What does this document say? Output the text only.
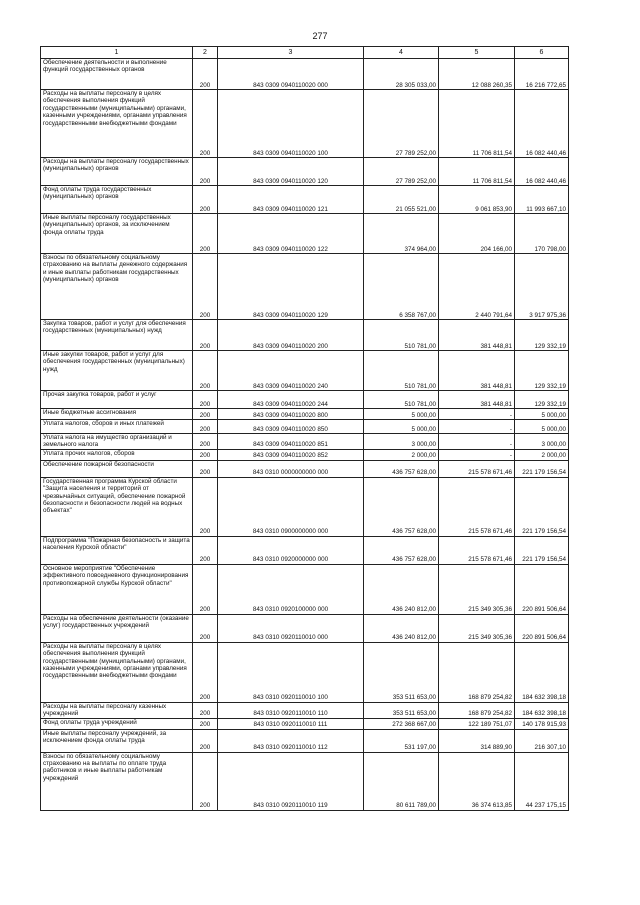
277
1	2	3	4	5	6
Обеспечение деятельности и выполнение функций государственных органов	200	843 0309 0940110020 000	28 305 033,00	12 088 260,35	16 216 772,65
Расходы на выплаты персоналу в целях обеспечения выполнения функций государственными (муниципальными) органами, казенными учреждениями, органами управления государственными внебюджетными фондами	200	843 0309 0940110020 100	27 789 252,00	11 706 811,54	16 082 440,46
Расходы на выплаты персоналу государственных (муниципальных) органов	200	843 0309 0940110020 120	27 789 252,00	11 706 811,54	16 082 440,46
Фонд оплаты труда государственных (муниципальных) органов	200	843 0309 0940110020 121	21 055 521,00	9 061 853,90	11 993 667,10
Иные выплаты персоналу государственных (муниципальных) органов, за исключением фонда оплаты труда	200	843 0309 0940110020 122	374 964,00	204 166,00	170 798,00
Взносы по обязательному социальному страхованию на выплаты денежного содержания и иные выплаты работникам государственных (муниципальных) органов	200	843 0309 0940110020 129	6 358 767,00	2 440 791,64	3 917 975,36
Закупка товаров, работ и услуг для обеспечения государственных (муниципальных) нужд	200	843 0309 0940110020 200	510 781,00	381 448,81	129 332,19
Иные закупки товаров, работ и услуг для обеспечения государственных (муниципальных) нужд	200	843 0309 0940110020 240	510 781,00	381 448,81	129 332,19
Прочая закупка товаров, работ и услуг	200	843 0309 0940110020 244	510 781,00	381 448,81	129 332,19
Иные бюджетные ассигнования	200	843 0309 0940110020 800	5 000,00	-	5 000,00
Уплата налогов, сборов и иных платежей	200	843 0309 0940110020 850	5 000,00	-	5 000,00
Уплата налога на имущество организаций и земельного налога	200	843 0309 0940110020 851	3 000,00	-	3 000,00
Уплата прочих налогов, сборов	200	843 0309 0940110020 852	2 000,00	-	2 000,00
Обеспечение пожарной безопасности	200	843 0310 0000000000 000	436 757 628,00	215 578 671,46	221 179 156,54
Государственная программа Курской области "Защита населения и территорий от чрезвычайных ситуаций, обеспечение пожарной безопасности и безопасности людей на водных объектах"	200	843 0310 0900000000 000	436 757 628,00	215 578 671,46	221 179 156,54
Подпрограмма "Пожарная безопасность и защита населения Курской области"	200	843 0310 0920000000 000	436 757 628,00	215 578 671,46	221 179 156,54
Основное мероприятие "Обеспечение эффективного повседневного функционирования противопожарной службы Курской области"	200	843 0310 0920100000 000	436 240 812,00	215 349 305,36	220 891 506,64
Расходы на обеспечение деятельности (оказание услуг) государственных учреждений	200	843 0310 0920110010 000	436 240 812,00	215 349 305,36	220 891 506,64
Расходы на выплаты персоналу в целях обеспечения выполнения функций государственными (муниципальными) органами, казенными учреждениями, органами управления государственными внебюджетными фондами	200	843 0310 0920110010 100	353 511 653,00	168 879 254,82	184 632 398,18
Расходы на выплаты персоналу казенных учреждений	200	843 0310 0920110010 110	353 511 653,00	168 879 254,82	184 632 398,18
Фонд оплаты труда учреждений	200	843 0310 0920110010 111	272 368 667,00	122 189 751,07	140 178 915,93
Иные выплаты персоналу учреждений, за исключением фонда оплаты труда	200	843 0310 0920110010 112	531 197,00	314 889,90	216 307,10
Взносы по обязательному социальному страхованию на выплаты по оплате труда работников и иные выплаты работникам учреждений	200	843 0310 0920110010 119	80 611 789,00	36 374 613,85	44 237 175,15
